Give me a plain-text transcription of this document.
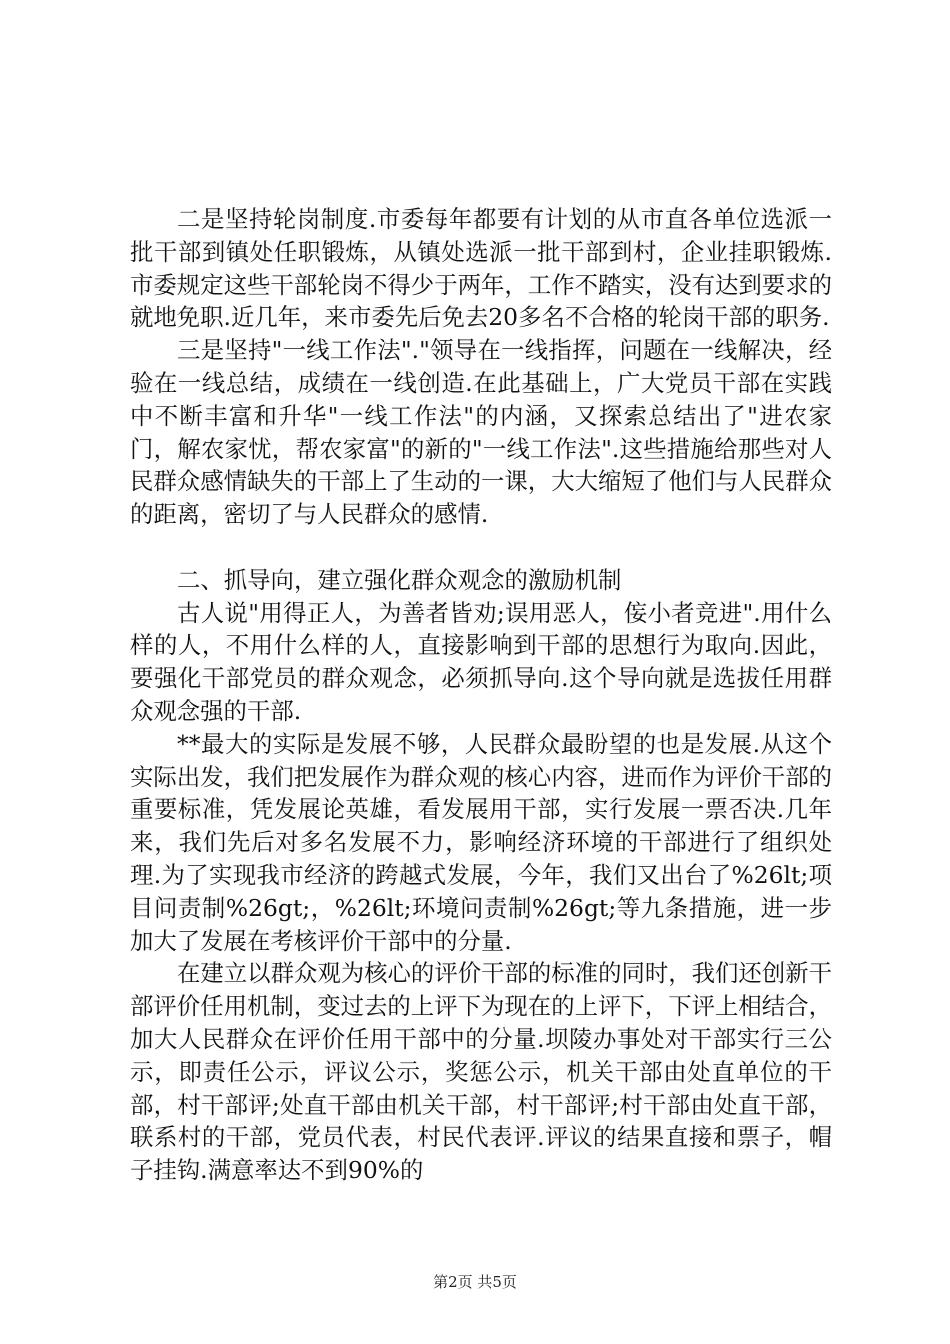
二是坚持轮岗制度.市委每年都要有计划的从市直各单位选派一批干部到镇处任职锻炼，从镇处选派一批干部到村，企业挂职锻炼.市委规定这些干部轮岗不得少于两年，工作不踏实，没有达到要求的就地免职.近几年，来市委先后免去20多名不合格的轮岗干部的职务.

三是坚持"一线工作法"."领导在一线指挥，问题在一线解决，经验在一线总结，成绩在一线创造.在此基础上，广大党员干部在实践中不断丰富和升华"一线工作法"的内涵，又探索总结出了"进农家门，解农家忧，帮农家富"的新的"一线工作法".这些措施给那些对人民群众感情缺失的干部上了生动的一课，大大缩短了他们与人民群众的距离，密切了与人民群众的感情.

二、抓导向，建立强化群众观念的激励机制

古人说"用得正人，为善者皆劝;误用恶人，侫小者竞进".用什么样的人，不用什么样的人，直接影响到干部的思想行为取向.因此，要强化干部党员的群众观念，必须抓导向.这个导向就是选拔任用群众观念强的干部.

**最大的实际是发展不够，人民群众最盼望的也是发展.从这个实际出发，我们把发展作为群众观的核心内容，进而作为评价干部的重要标准，凭发展论英雄，看发展用干部，实行发展一票否决.几年来，我们先后对多名发展不力，影响经济环境的干部进行了组织处理.为了实现我市经济的跨越式发展，今年，我们又出台了%26lt;项目问责制%26gt;，%26lt;环境问责制%26gt;等九条措施，进一步加大了发展在考核评价干部中的分量.

在建立以群众观为核心的评价干部的标准的同时，我们还创新干部评价任用机制，变过去的上评下为现在的上评下，下评上相结合，加大人民群众在评价任用干部中的分量.坝陵办事处对干部实行三公示，即责任公示，评议公示，奖惩公示，机关干部由处直单位的干部，村干部评;处直干部由机关干部，村干部评;村干部由处直干部，联系村的干部，党员代表，村民代表评.评议的结果直接和票子，帽子挂钩.满意率达不到90%的

第2页 共5页
